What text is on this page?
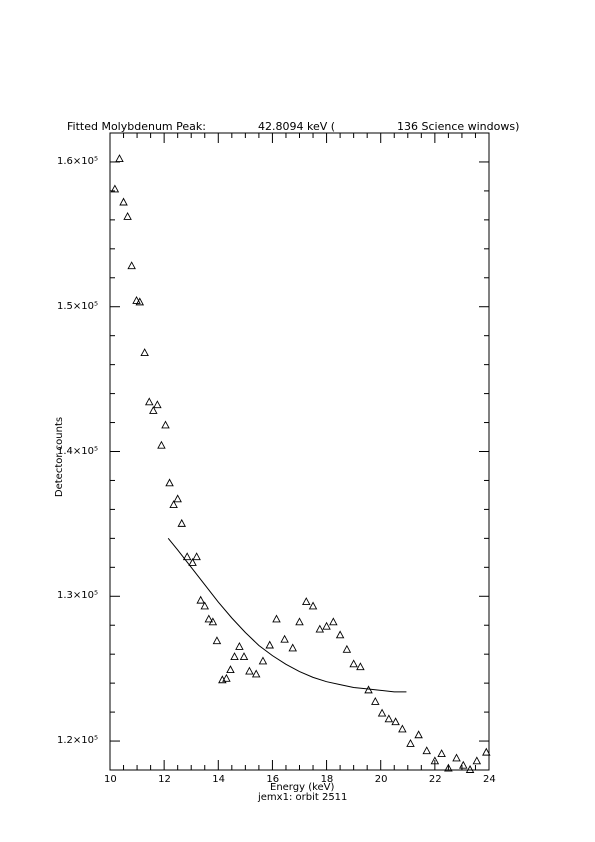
Fitted Molybdenum Peak:	42.8094 keV (	136 Science windows)
10	12	14	16	18	20	22	24
1.2×10⁵
1.3×10⁵
1.4×10⁵
1.5×10⁵
1.6×10⁵
Energy (keV)
jemx1: orbit 2511
Detector counts
